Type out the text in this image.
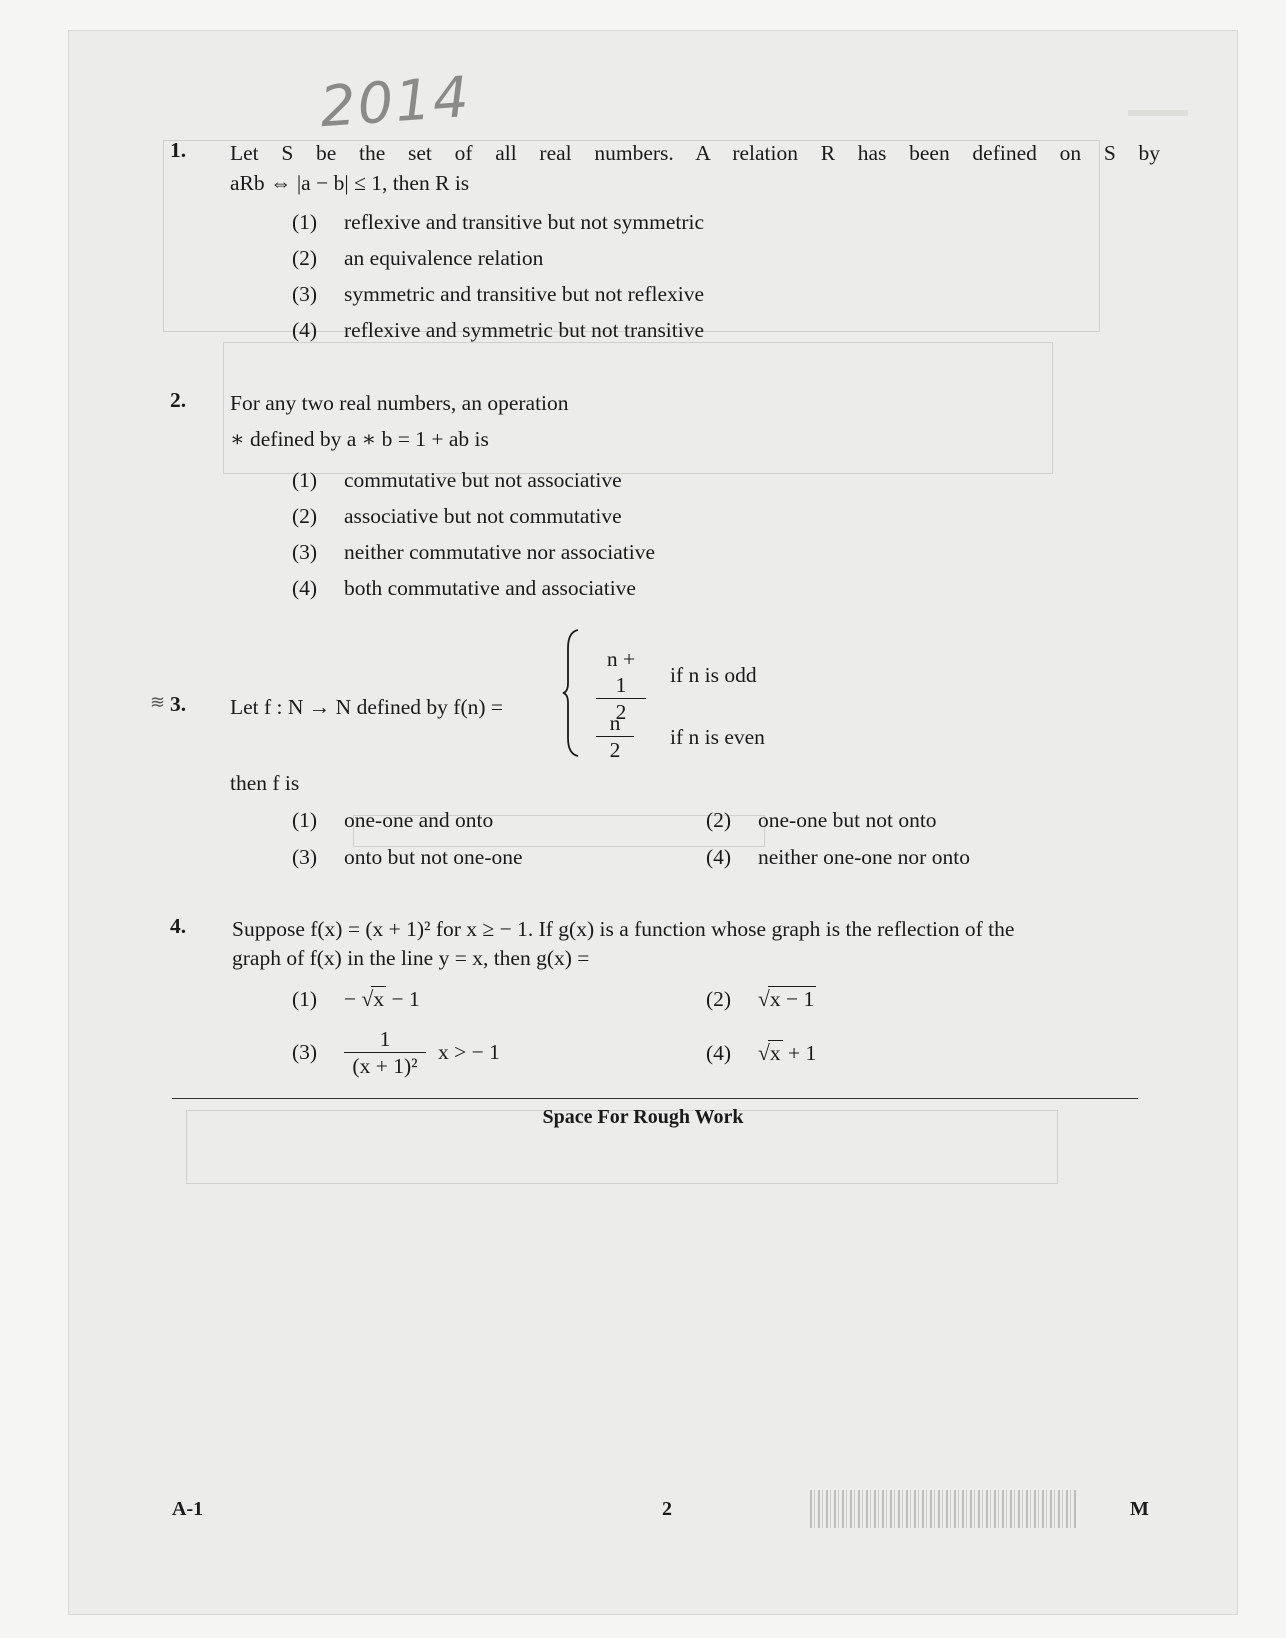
2014
1. Let S be the set of all real numbers. A relation R has been defined on S by
aRb ⇔ |a − b| ≤ 1, then R is
(1) reflexive and transitive but not symmetric
(2) an equivalence relation
(3) symmetric and transitive but not reflexive
(4) reflexive and symmetric but not transitive
2. For any two real numbers, an operation
∗ defined by a ∗ b = 1 + ab is
(1) commutative but not associative
(2) associative but not commutative
(3) neither commutative nor associative
(4) both commutative and associative
≋ 3. Let f : N → N defined by f(n) =	$\frac{n + 1}{2}$ if n is odd
$\frac{n}{2}$ if n is even
then f is
(1) one-one and onto	(2) one-one but not onto
(3) onto but not one-one	(4) neither one-one nor onto
4. Suppose f(x) = (x + 1)² for x ≥ − 1. If g(x) is a function whose graph is the reflection of the
graph of f(x) in the line y = x, then g(x) =
(1) − √x − 1	(2) √x − 1
(3)	$\frac{1}{\text{(x + 1)²}}$ x > − 1	(4) √x + 1
Space For Rough Work
A-1	2	M
